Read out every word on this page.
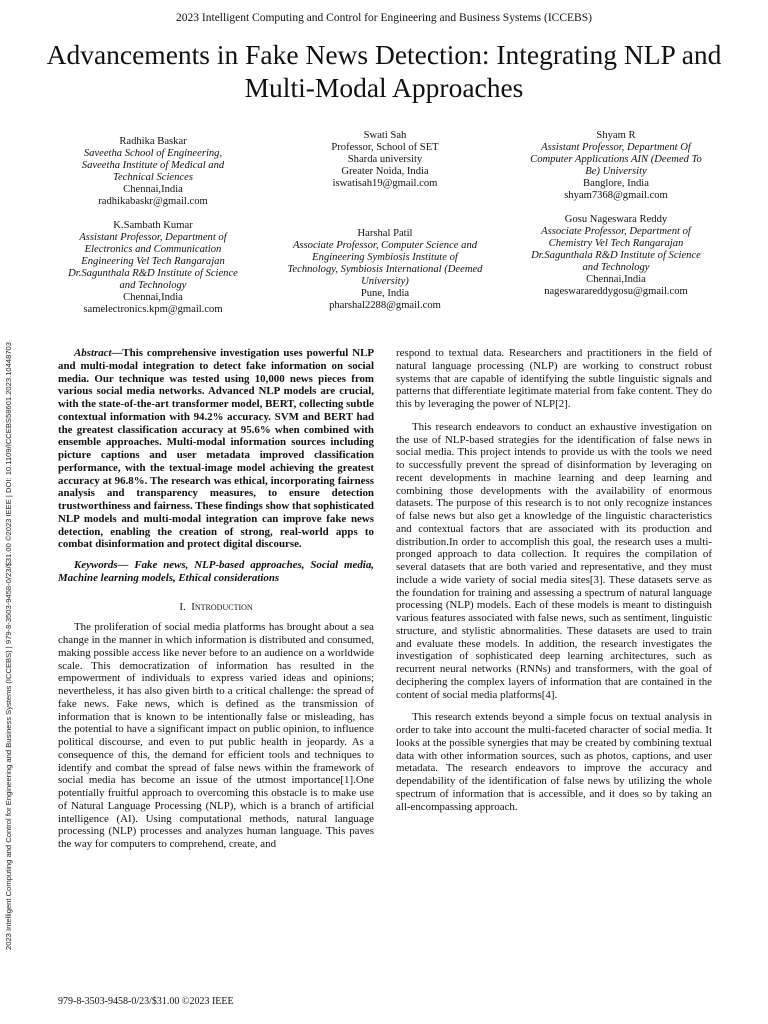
2023 Intelligent Computing and Control for Engineering and Business Systems (ICCEBS)
Advancements in Fake News Detection: Integrating NLP and Multi-Modal Approaches
2023 Intelligent Computing and Control for Engineering and Business Systems (ICCEBS) | 979-8-3503-9458-0/23/$31.00 ©2023 IEEE | DOI: 10.1109/ICCEBS58601.2023.10448703
Radhika Baskar
Saveetha School of Engineering, Saveetha Institute of Medical and Technical Sciences
Chennai,India
radhikabaskr@gmail.com
Swati Sah
Professor, School of SET
Sharda university
Greater Noida, India
iswatisah19@gmail.com
Shyam R
Assistant Professor, Department Of Computer Applications AIN (Deemed To Be) University
Banglore, India
shyam7368@gmail.com
K.Sambath Kumar
Assistant Professor, Department of Electronics and Communication Engineering Vel Tech Rangarajan Dr.Sagunthala R&D Institute of Science and Technology
Chennai,India
samelectronics.kpm@gmail.com
Harshal Patil
Associate Professor, Computer Science and Engineering Symbiosis Institute of Technology, Symbiosis International (Deemed University)
Pune, India
pharshal2288@gmail.com
Gosu Nageswara Reddy
Associate Professor, Department of Chemistry Vel Tech Rangarajan Dr.Sagunthala R&D Institute of Science and Technology
Chennai,India
nageswarareddygosu@gmail.com

Abstract—This comprehensive investigation uses powerful NLP and multi-modal integration to detect fake information on social media. Our technique was tested using 10,000 news pieces from various social media networks. Advanced NLP models are crucial, with the state-of-the-art transformer model, BERT, collecting subtle contextual information with 94.2% accuracy. SVM and BERT had the greatest classification accuracy at 95.6% when combined with ensemble approaches. Multi-modal information sources including picture captions and user metadata improved classification performance, with the textual-image model achieving the greatest accuracy at 96.8%. The research was ethical, incorporating fairness analysis and transparency measures, to ensure detection trustworthiness and fairness. These findings show that sophisticated NLP models and multi-modal integration can improve fake news detection, enabling the creation of strong, real-world apps to combat disinformation and protect digital discourse.

Keywords— Fake news, NLP-based approaches, Social media, Machine learning models, Ethical considerations

I. Introduction

The proliferation of social media platforms has brought about a sea change in the manner in which information is distributed and consumed, making possible access like never before to an audience on a worldwide scale. This democratization of information has resulted in the empowerment of individuals to express varied ideas and opinions; nevertheless, it has also given birth to a critical challenge: the spread of fake news. Fake news, which is defined as the transmission of information that is known to be intentionally false or misleading, has the potential to have a significant impact on public opinion, to influence political discourse, and even to put public health in jeopardy. As a consequence of this, the demand for efficient tools and techniques to identify and combat the spread of false news within the framework of social media has become an issue of the utmost importance[1].One potentially fruitful approach to overcoming this obstacle is to make use of Natural Language Processing (NLP), which is a branch of artificial intelligence (AI). Using computational methods, natural language processing (NLP) processes and analyzes human language. This paves the way for computers to comprehend, create, and

respond to textual data. Researchers and practitioners in the field of natural language processing (NLP) are working to construct robust systems that are capable of identifying the subtle linguistic signals and patterns that differentiate legitimate material from fake content. They do this by leveraging the power of NLP[2].

This research endeavors to conduct an exhaustive investigation on the use of NLP-based strategies for the identification of false news in social media. This project intends to provide us with the tools we need to successfully prevent the spread of disinformation by leveraging on recent developments in machine learning and deep learning and combining those developments with the availability of enormous datasets. The purpose of this research is to not only recognize instances of false news but also get a knowledge of the linguistic characteristics and contextual factors that are associated with its production and distribution.In order to accomplish this goal, the research uses a multi-pronged approach to data collection. It requires the compilation of several datasets that are both varied and representative, and they must include a wide variety of social media sites[3]. These datasets serve as the foundation for training and assessing a spectrum of natural language processing (NLP) models. Each of these models is meant to distinguish various features associated with false news, such as sentiment, linguistic structure, and stylistic abnormalities. These datasets are used to train and evaluate these models. In addition, the research investigates the investigation of sophisticated deep learning architectures, such as recurrent neural networks (RNNs) and transformers, with the goal of deciphering the complex layers of information that are contained in the content of social media platforms[4].

This research extends beyond a simple focus on textual analysis in order to take into account the multi-faceted character of social media. It looks at the possible synergies that may be created by combining textual data with other information sources, such as photos, captions, and user metadata. The research endeavors to improve the accuracy and dependability of the identification of false news by utilizing the whole spectrum of information that is accessible, and it does so by taking an all-encompassing approach.

979-8-3503-9458-0/23/$31.00 ©2023 IEEE
